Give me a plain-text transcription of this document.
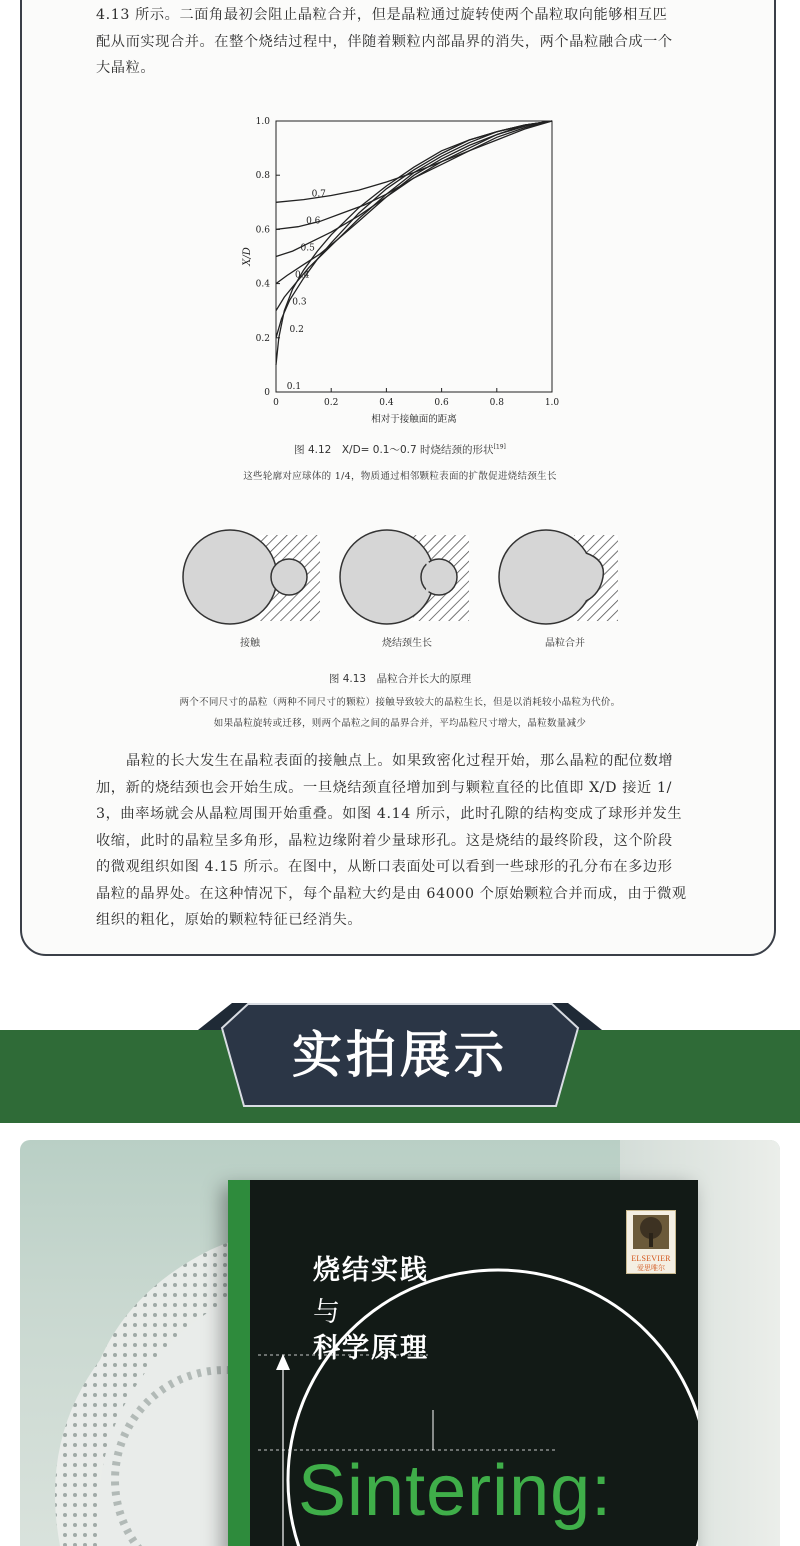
4.13 所示。二面角最初会阻止晶粒合并，但是晶粒通过旋转使两个晶粒取向能够相互匹
配从而实现合并。在整个烧结过程中，伴随着颗粒内部晶界的消失，两个晶粒融合成一个
大晶粒。
0	0.2	0.4	0.6	0.8	1.0
0
0.2
0.4
0.6
0.8
1.0
相对于接触面的距离
X/D
0.1
0.2
0.3
0.4
0.5
0.6
0.7
图 4.12　X/D= 0.1～0.7 时烧结颈的形状[19]
这些轮廓对应球体的 1/4，物质通过相邻颗粒表面的扩散促进烧结颈生长
接触	烧结颈生长	晶粒合并
图 4.13　晶粒合并长大的原理
两个不同尺寸的晶粒（两种不同尺寸的颗粒）接触导致较大的晶粒生长，但是以消耗较小晶粒为代价。
如果晶粒旋转或迁移，则两个晶粒之间的晶界合并，平均晶粒尺寸增大，晶粒数量减少
晶粒的长大发生在晶粒表面的接触点上。如果致密化过程开始，那么晶粒的配位数增
加，新的烧结颈也会开始生成。一旦烧结颈直径增加到与颗粒直径的比值即 X/D 接近 1/
3，曲率场就会从晶粒周围开始重叠。如图 4.14 所示，此时孔隙的结构变成了球形并发生
收缩，此时的晶粒呈多角形，晶粒边缘附着少量球形孔。这是烧结的最终阶段，这个阶段
的微观组织如图 4.15 所示。在图中，从断口表面处可以看到一些球形的孔分布在多边形
晶粒的晶界处。在这种情况下，每个晶粒大约是由 64000 个原始颗粒合并而成，由于微观
组织的粗化，原始的颗粒特征已经消失。
实拍展示
烧结实践
与
科学原理
Sintering:
ELSEVIER
爱思唯尔
